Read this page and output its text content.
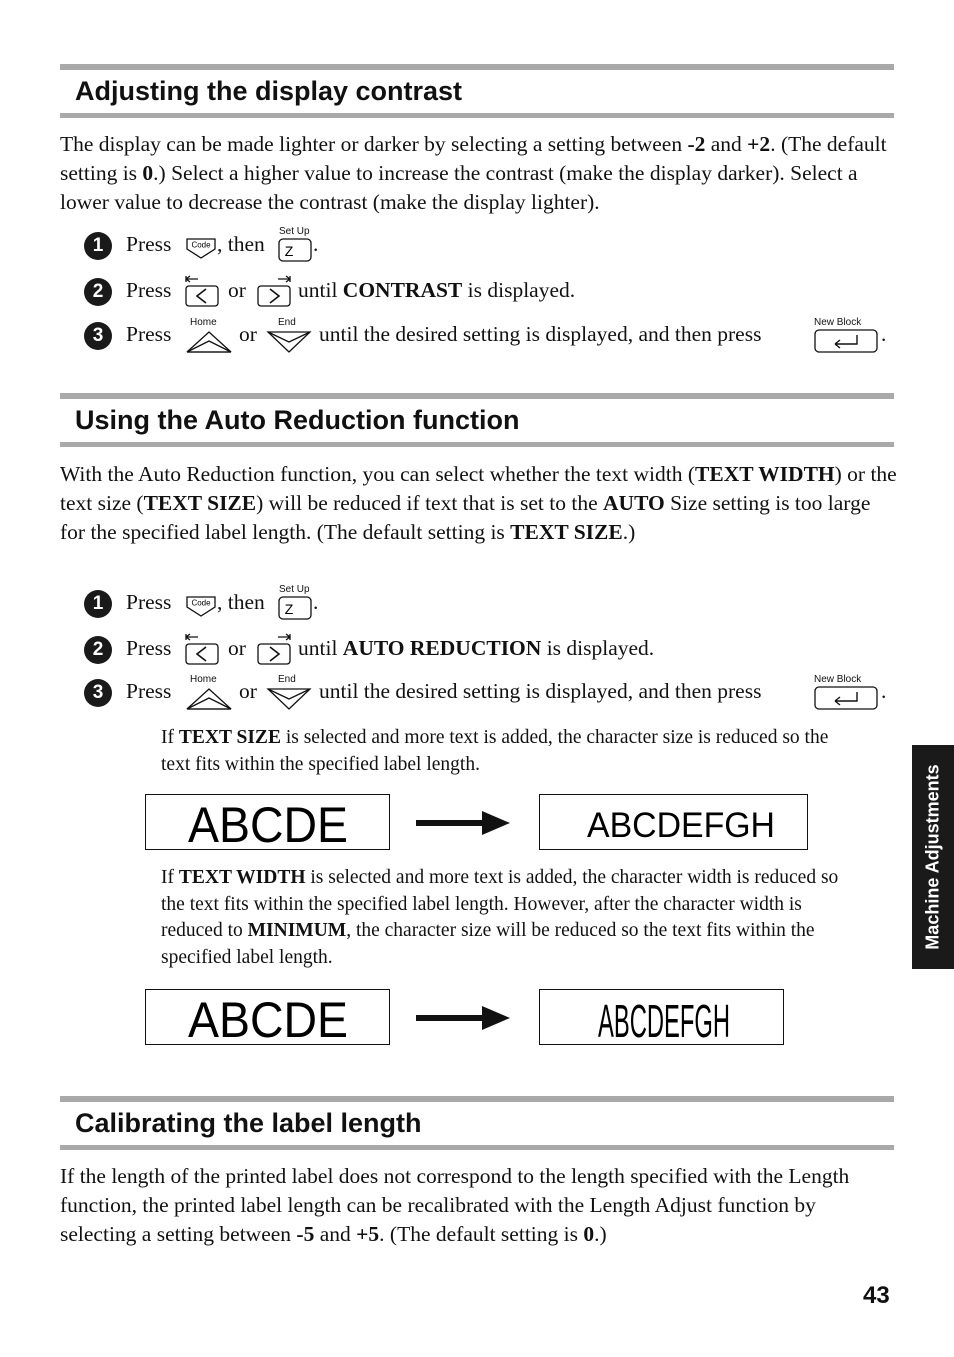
Adjusting the display contrast

The display can be made lighter or darker by selecting a setting between -2 and +2. (The default setting is 0.) Select a higher value to increase the contrast (make the display darker). Select a lower value to decrease the contrast (make the display lighter).

1	Press	Code , then
Set Up
Z .
2	Press	or until CONTRAST is displayed.
3	Press Home or End until the desired setting is displayed, and then press	New Block .
Using the Auto Reduction function

With the Auto Reduction function, you can select whether the text width (TEXT WIDTH) or the text size (TEXT SIZE) will be reduced if text that is set to the AUTO Size setting is too large for the specified label length. (The default setting is TEXT SIZE.)

1	Press	Code , then
Set Up
Z .
2	Press	or until AUTO REDUCTION is displayed.
3	Press Home or End until the desired setting is displayed, and then press	New Block .

If TEXT SIZE is selected and more text is added, the character size is reduced so the text fits within the specified label length.

ABCDE	ABCDEFGH

If TEXT WIDTH is selected and more text is added, the character width is reduced so the text fits within the specified label length. However, after the character width is reduced to MINIMUM, the character size will be reduced so the text fits within the specified label length.

ABCDE	ABCDEFGH
Calibrating the label length

If the length of the printed label does not correspond to the length specified with the Length function, the printed label length can be recalibrated with the Length Adjust function by selecting a setting between -5 and +5. (The default setting is 0.)

Machine Adjustments
43
